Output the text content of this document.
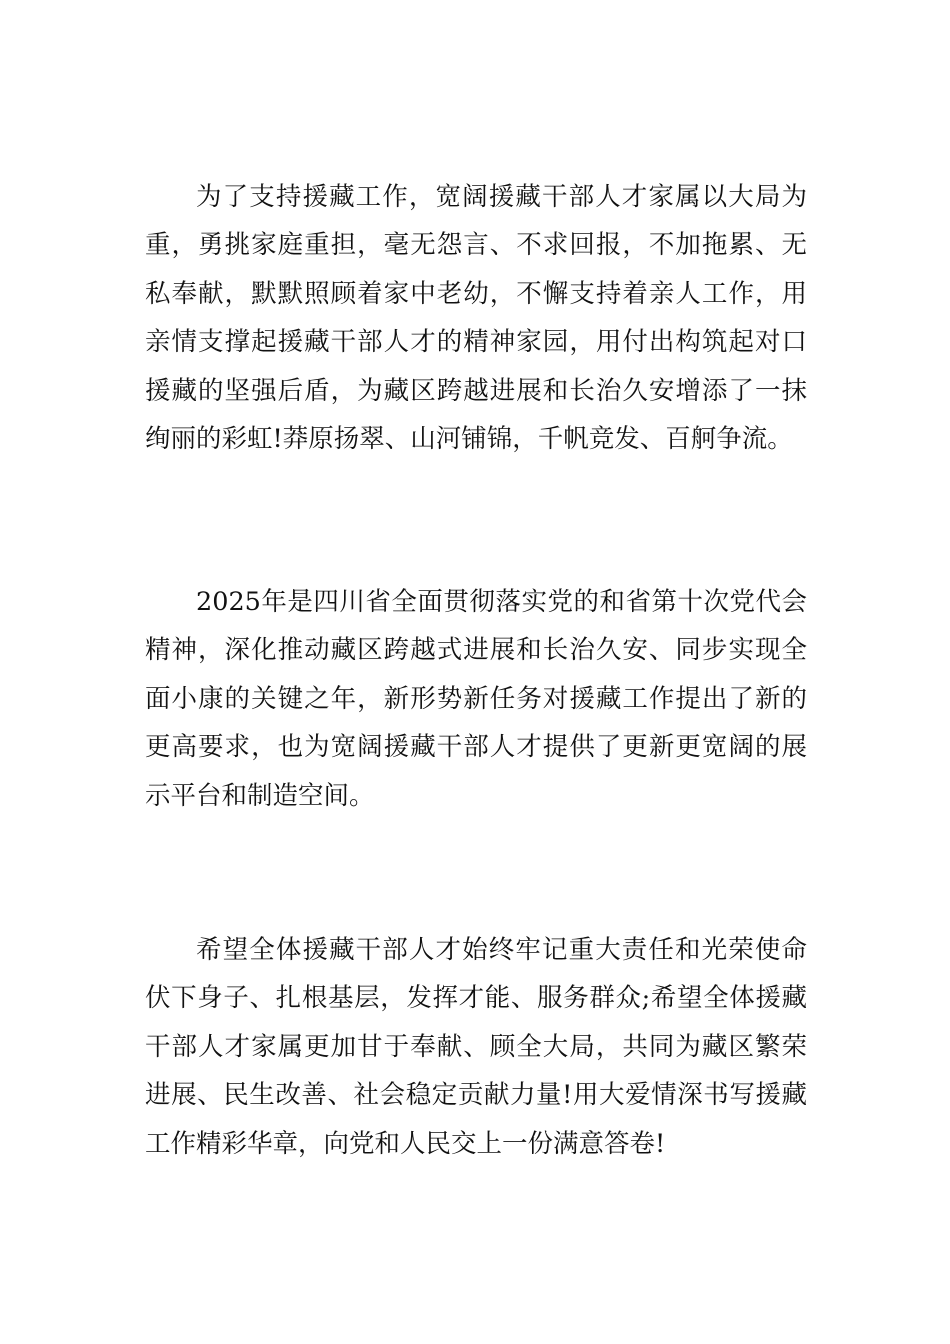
为了支持援藏工作，宽阔援藏干部人才家属以大局为重，勇挑家庭重担，毫无怨言、不求回报，不加拖累、无私奉献，默默照顾着家中老幼，不懈支持着亲人工作，用亲情支撑起援藏干部人才的精神家园，用付出构筑起对口援藏的坚强后盾，为藏区跨越进展和长治久安增添了一抹绚丽的彩虹!莽原扬翠、山河铺锦，千帆竞发、百舸争流。

2025年是四川省全面贯彻落实党的和省第十次党代会精神，深化推动藏区跨越式进展和长治久安、同步实现全面小康的关键之年，新形势新任务对援藏工作提出了新的更高要求，也为宽阔援藏干部人才提供了更新更宽阔的展示平台和制造空间。

希望全体援藏干部人才始终牢记重大责任和光荣使命伏下身子、扎根基层，发挥才能、服务群众;希望全体援藏干部人才家属更加甘于奉献、顾全大局，共同为藏区繁荣进展、民生改善、社会稳定贡献力量!用大爱情深书写援藏工作精彩华章，向党和人民交上一份满意答卷!
